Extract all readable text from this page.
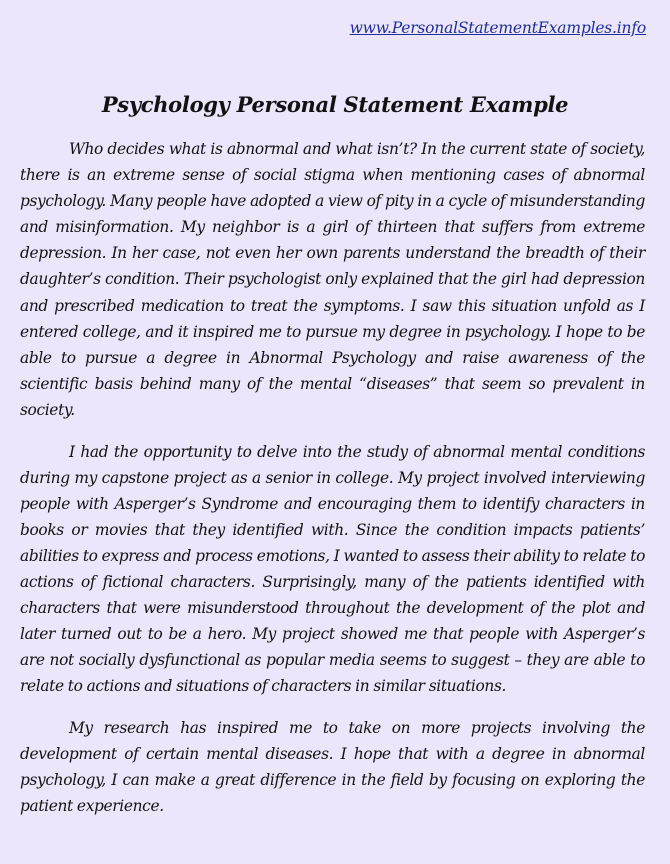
www.PersonalStatementExamples.info
Psychology Personal Statement Example

Who decides what is abnormal and what isn’t? In the current state of society, there is an extreme sense of social stigma when mentioning cases of abnormal psychology. Many people have adopted a view of pity in a cycle of misunderstanding and misinformation. My neighbor is a girl of thirteen that suffers from extreme depression. In her case, not even her own parents understand the breadth of their daughter’s condition. Their psychologist only explained that the girl had depression and prescribed medication to treat the symptoms. I saw this situation unfold as I entered college, and it inspired me to pursue my degree in psychology. I hope to be able to pursue a degree in Abnormal Psychology and raise awareness of the scientific basis behind many of the mental “diseases” that seem so prevalent in society.

I had the opportunity to delve into the study of abnormal mental conditions during my capstone project as a senior in college. My project involved interviewing people with Asperger’s Syndrome and encouraging them to identify characters in books or movies that they identified with. Since the condition impacts patients’ abilities to express and process emotions, I wanted to assess their ability to relate to actions of fictional characters. Surprisingly, many of the patients identified with characters that were misunderstood throughout the development of the plot and later turned out to be a hero. My project showed me that people with Asperger’s are not socially dysfunctional as popular media seems to suggest – they are able to relate to actions and situations of characters in similar situations.

My research has inspired me to take on more projects involving the development of certain mental diseases. I hope that with a degree in abnormal psychology, I can make a great difference in the field by focusing on exploring the patient experience.
